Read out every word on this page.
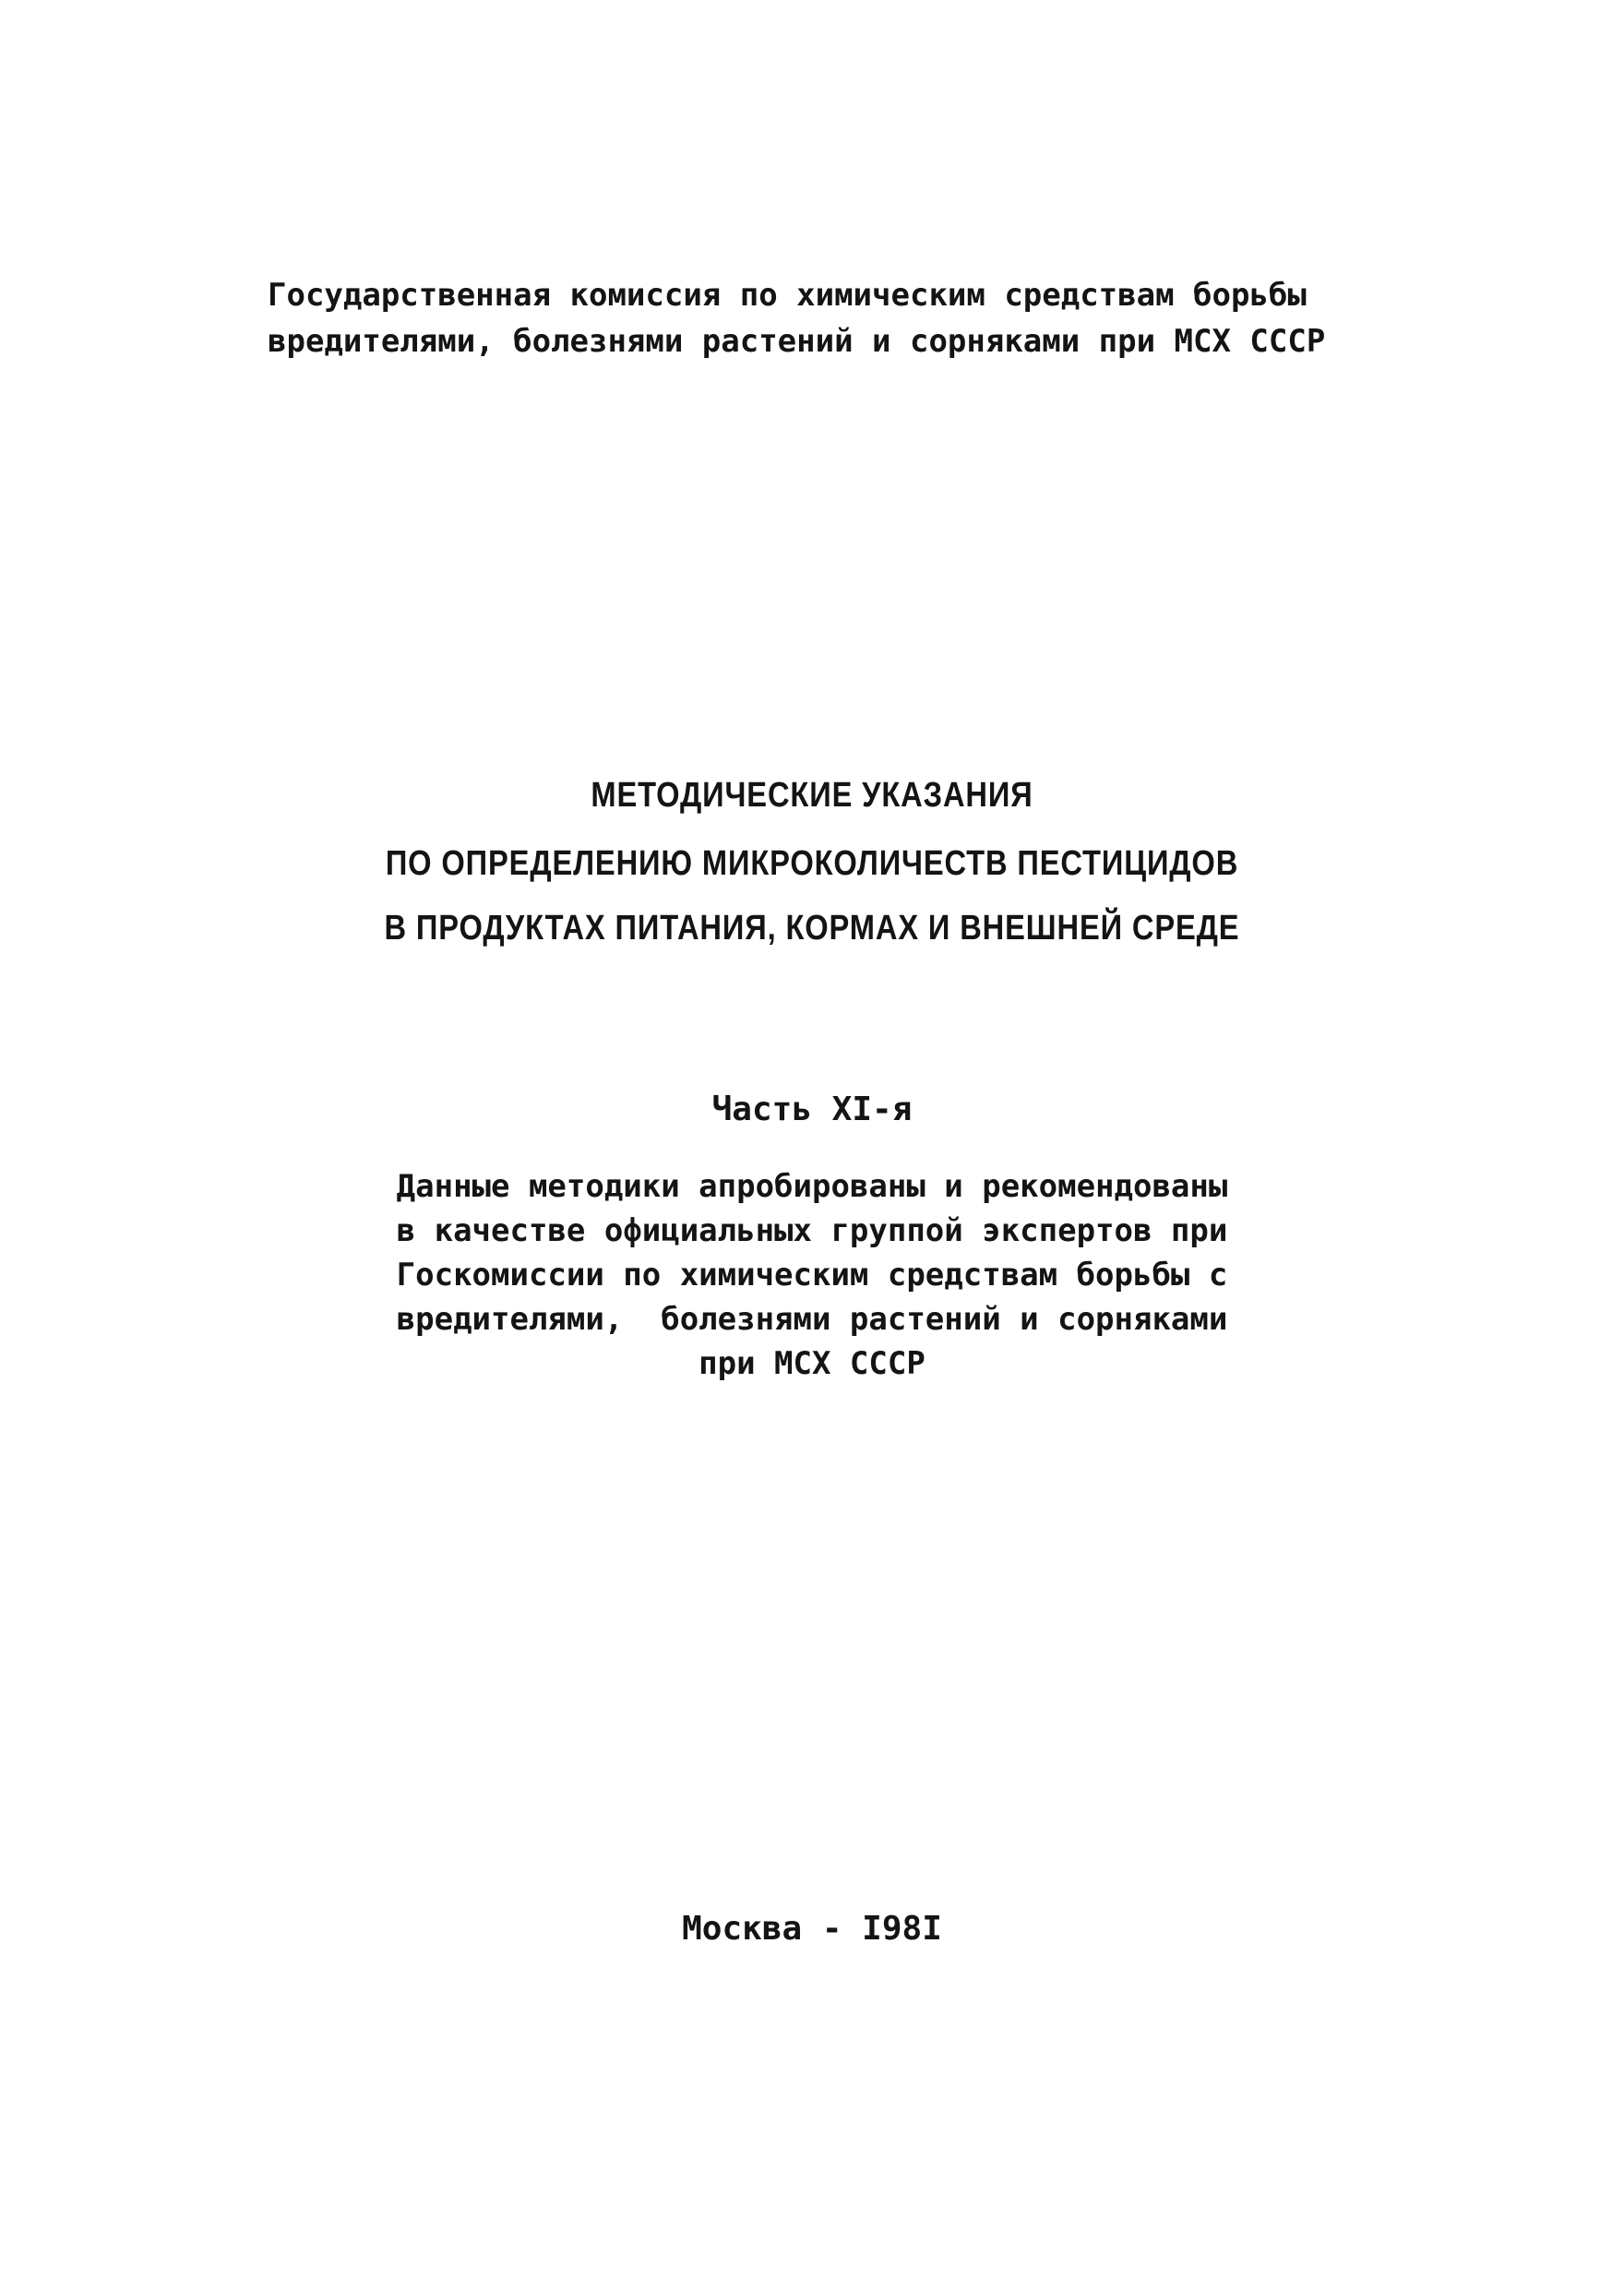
Государственная комиссия по химическим средствам борьбы

вредителями, болезнями растений и сорняками при МСХ СССР

МЕТОДИЧЕСКИЕ УКАЗАНИЯ

ПО ОПРЕДЕЛЕНИЮ МИКРОКОЛИЧЕСТВ ПЕСТИЦИДОВ

В ПРОДУКТАХ ПИТАНИЯ, КОРМАХ И ВНЕШНЕЙ СРЕДЕ

Часть XI-я

Данные методики апробированы и рекомендованы

в качестве официальных группой экспертов при

Госкомиссии по химическим средствам борьбы с

вредителями,  болезнями растений и сорняками

при МСХ СССР

Москва - I98I
